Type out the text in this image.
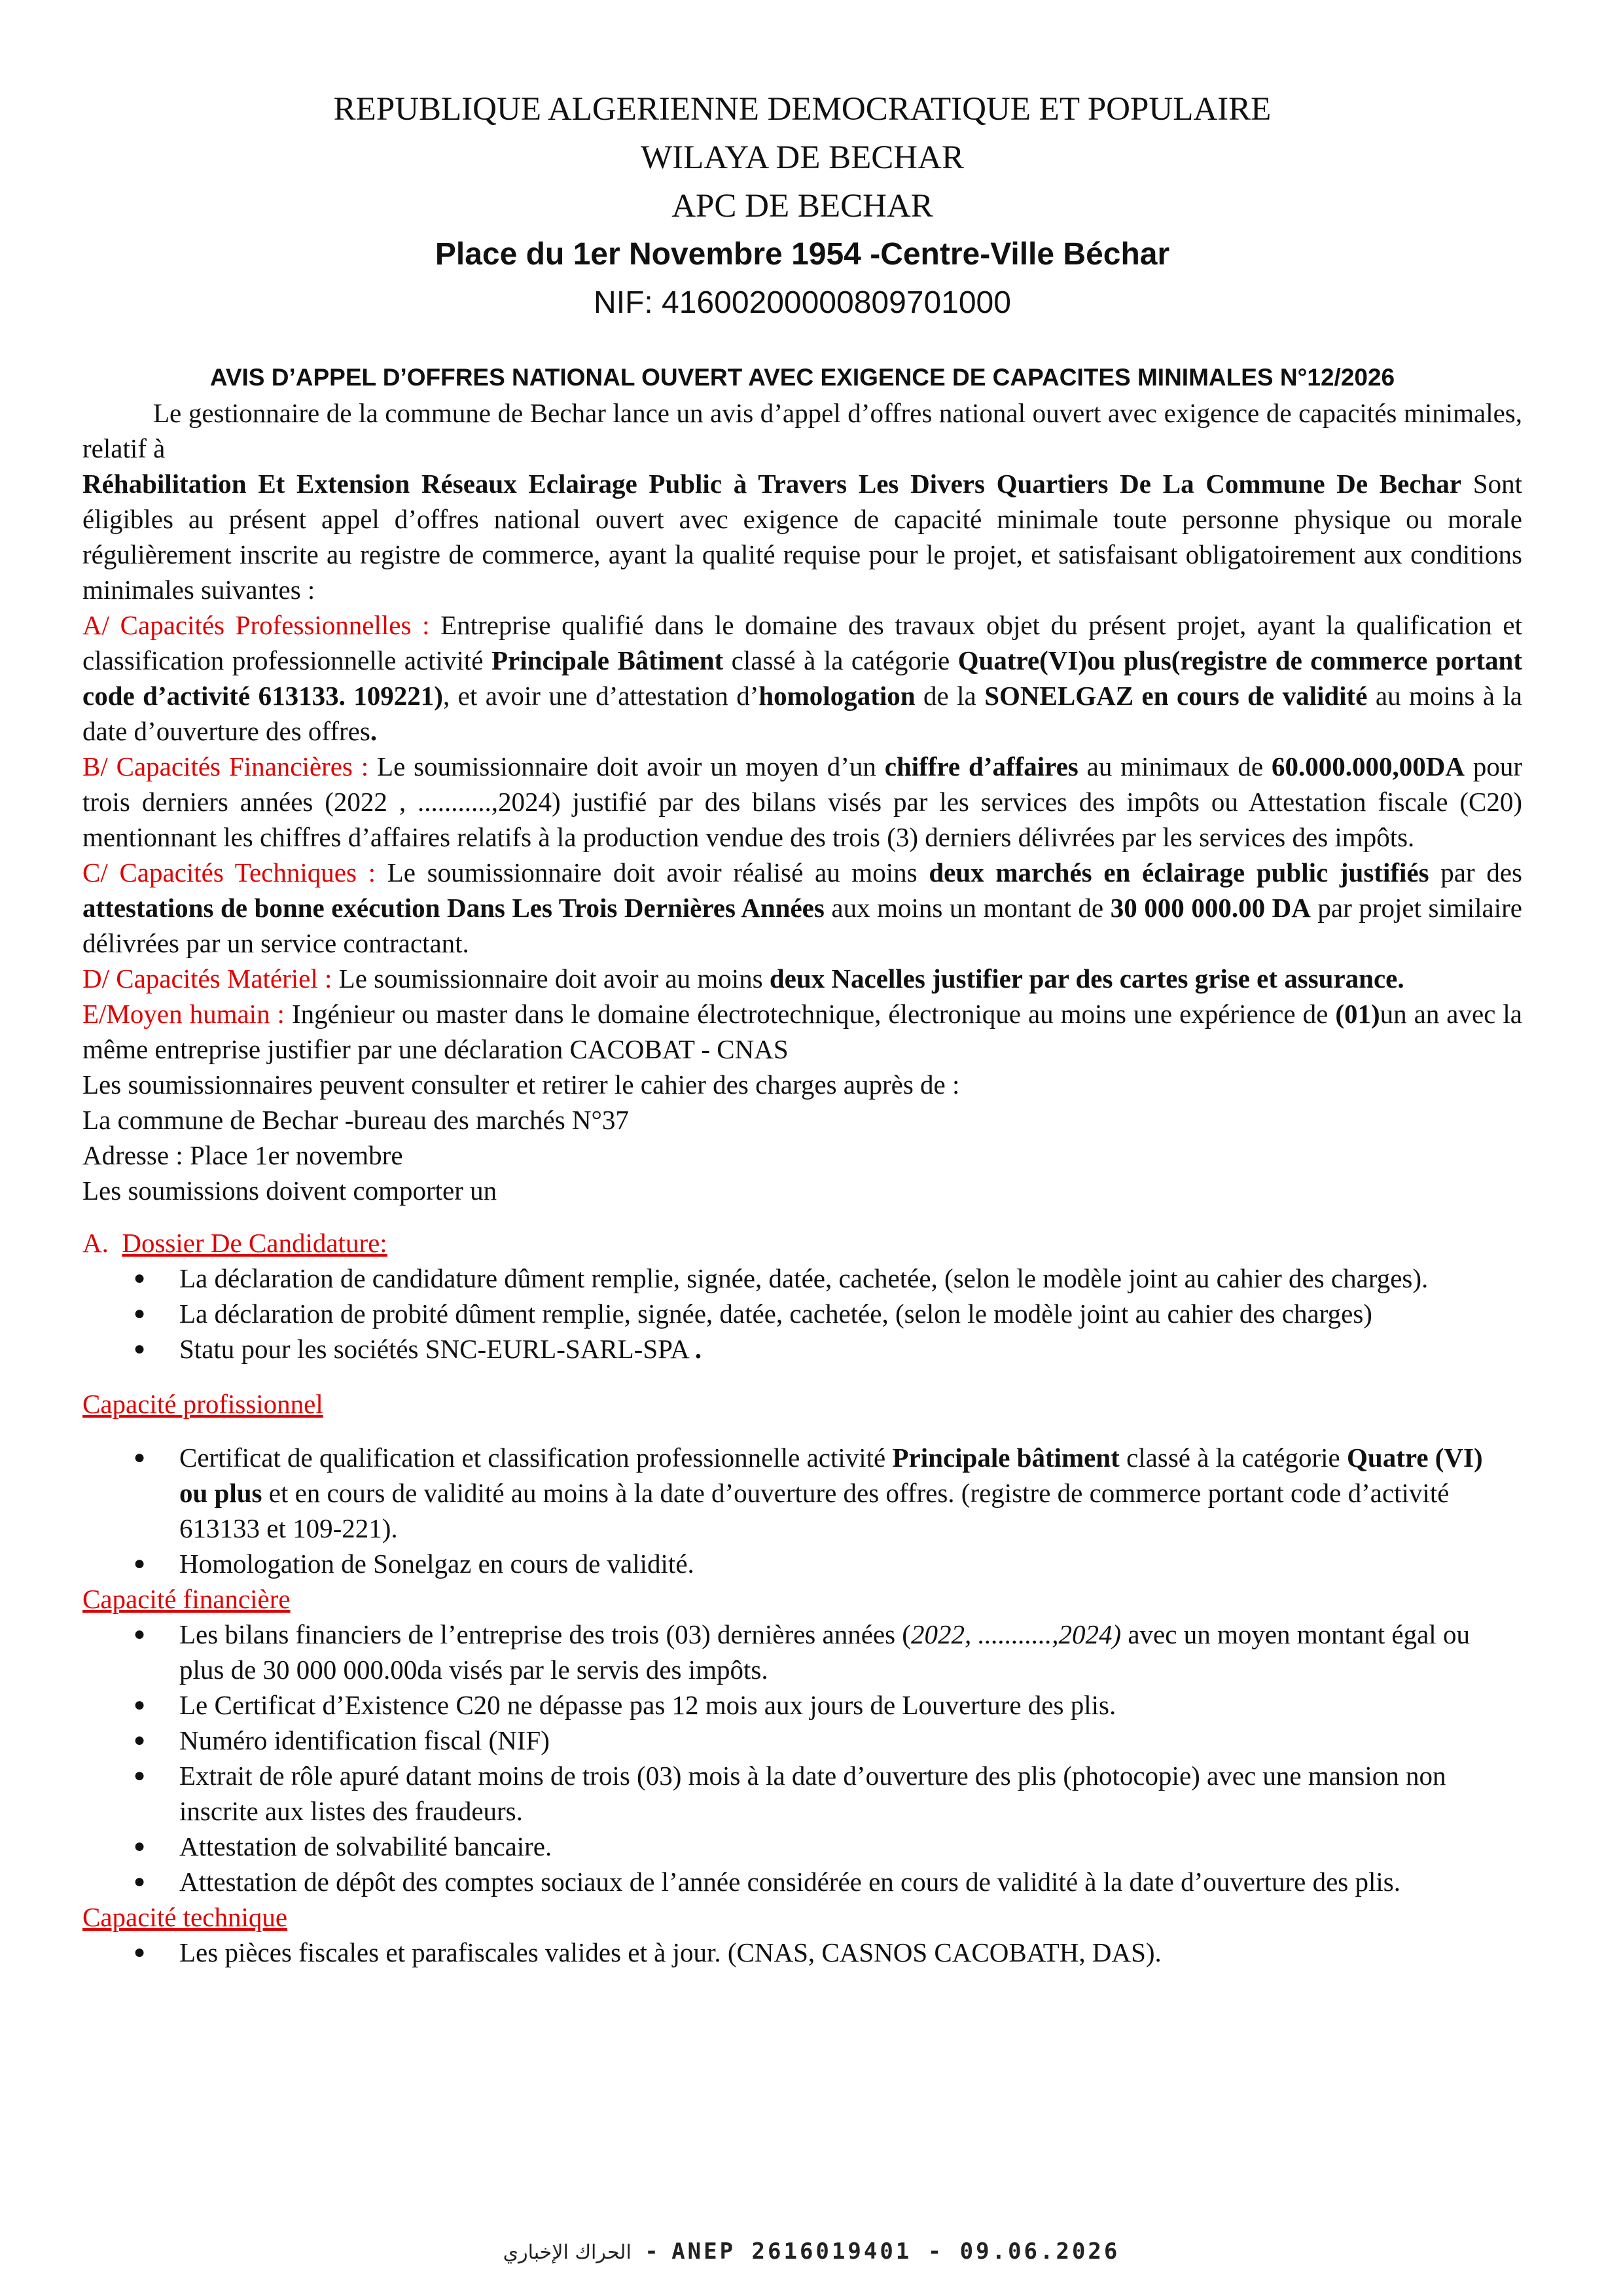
REPUBLIQUE ALGERIENNE DEMOCRATIQUE ET POPULAIRE
WILAYA DE BECHAR
APC DE BECHAR
Place du 1er Novembre 1954 -Centre-Ville Béchar
NIF: 41600200000809701000
AVIS D’APPEL D’OFFRES NATIONAL OUVERT AVEC EXIGENCE DE CAPACITES MINIMALES N°12/2026

Le gestionnaire de la commune de Bechar lance un avis d’appel d’offres national ouvert avec exigence de capacités minimales, relatif à

Réhabilitation Et Extension Réseaux Eclairage Public à Travers Les Divers Quartiers De La Commune De Bechar Sont éligibles au présent appel d’offres national ouvert avec exigence de capacité minimale toute personne physique ou morale régulièrement inscrite au registre de commerce, ayant la qualité requise pour le projet, et satisfaisant obligatoirement aux conditions minimales suivantes :

A/ Capacités Professionnelles : Entreprise qualifié dans le domaine des travaux objet du présent projet, ayant la qualification et classification professionnelle activité Principale Bâtiment classé à la catégorie Quatre(VI)ou plus(registre de commerce portant code d’activité 613133. 109221), et avoir une d’attestation d’homologation de la SONELGAZ en cours de validité au moins à la date d’ouverture des offres.

B/ Capacités Financières : Le soumissionnaire doit avoir un moyen d’un chiffre d’affaires au minimaux de 60.000.000,00DA pour trois derniers années (2022 , ...........,2024) justifié par des bilans visés par les services des impôts ou Attestation fiscale (C20) mentionnant les chiffres d’affaires relatifs à la production vendue des trois (3) derniers délivrées par les services des impôts.

C/ Capacités Techniques : Le soumissionnaire doit avoir réalisé au moins deux marchés en éclairage public justifiés par des attestations de bonne exécution Dans Les Trois Dernières Années aux moins un montant de 30 000 000.00 DA par projet similaire délivrées par un service contractant.

D/ Capacités Matériel : Le soumissionnaire doit avoir au moins deux Nacelles justifier par des cartes grise et assurance.

E/Moyen humain : Ingénieur ou master dans le domaine électrotechnique, électronique au moins une expérience de (01)un an avec la même entreprise justifier par une déclaration CACOBAT - CNAS

Les soumissionnaires peuvent consulter et retirer le cahier des charges auprès de :

La commune de Bechar -bureau des marchés N°37

Adresse : Place 1er novembre

Les soumissions doivent comporter un

A. Dossier De Candidature:

● La déclaration de candidature dûment remplie, signée, datée, cachetée, (selon le modèle joint au cahier des charges).
● La déclaration de probité dûment remplie, signée, datée, cachetée, (selon le modèle joint au cahier des charges)
● Statu pour les sociétés SNC-EURL-SARL-SPA .

Capacité profissionnel

● Certificat de qualification et classification professionnelle activité Principale bâtiment classé à la catégorie Quatre (VI) ou plus et en cours de validité au moins à la date d’ouverture des offres. (registre de commerce portant code d’activité 613133 et 109-221).
● Homologation de Sonelgaz en cours de validité.

Capacité financière

● Les bilans financiers de l’entreprise des trois (03) dernières années (2022, ...........,2024) avec un moyen montant égal ou plus de 30 000 000.00da visés par le servis des impôts.
● Le Certificat d’Existence C20 ne dépasse pas 12 mois aux jours de Louverture des plis.
● Numéro identification fiscal (NIF)
● Extrait de rôle apuré datant moins de trois (03) mois à la date d’ouverture des plis (photocopie) avec une mansion non inscrite aux listes des fraudeurs.
● Attestation de solvabilité bancaire.
● Attestation de dépôt des comptes sociaux de l’année considérée en cours de validité à la date d’ouverture des plis.

Capacité technique

● Les pièces fiscales et parafiscales valides et à jour. (CNAS, CASNOS CACOBATH, DAS).
الحراك الإخباري - ANEP 2616019401 - 09.06.2026
